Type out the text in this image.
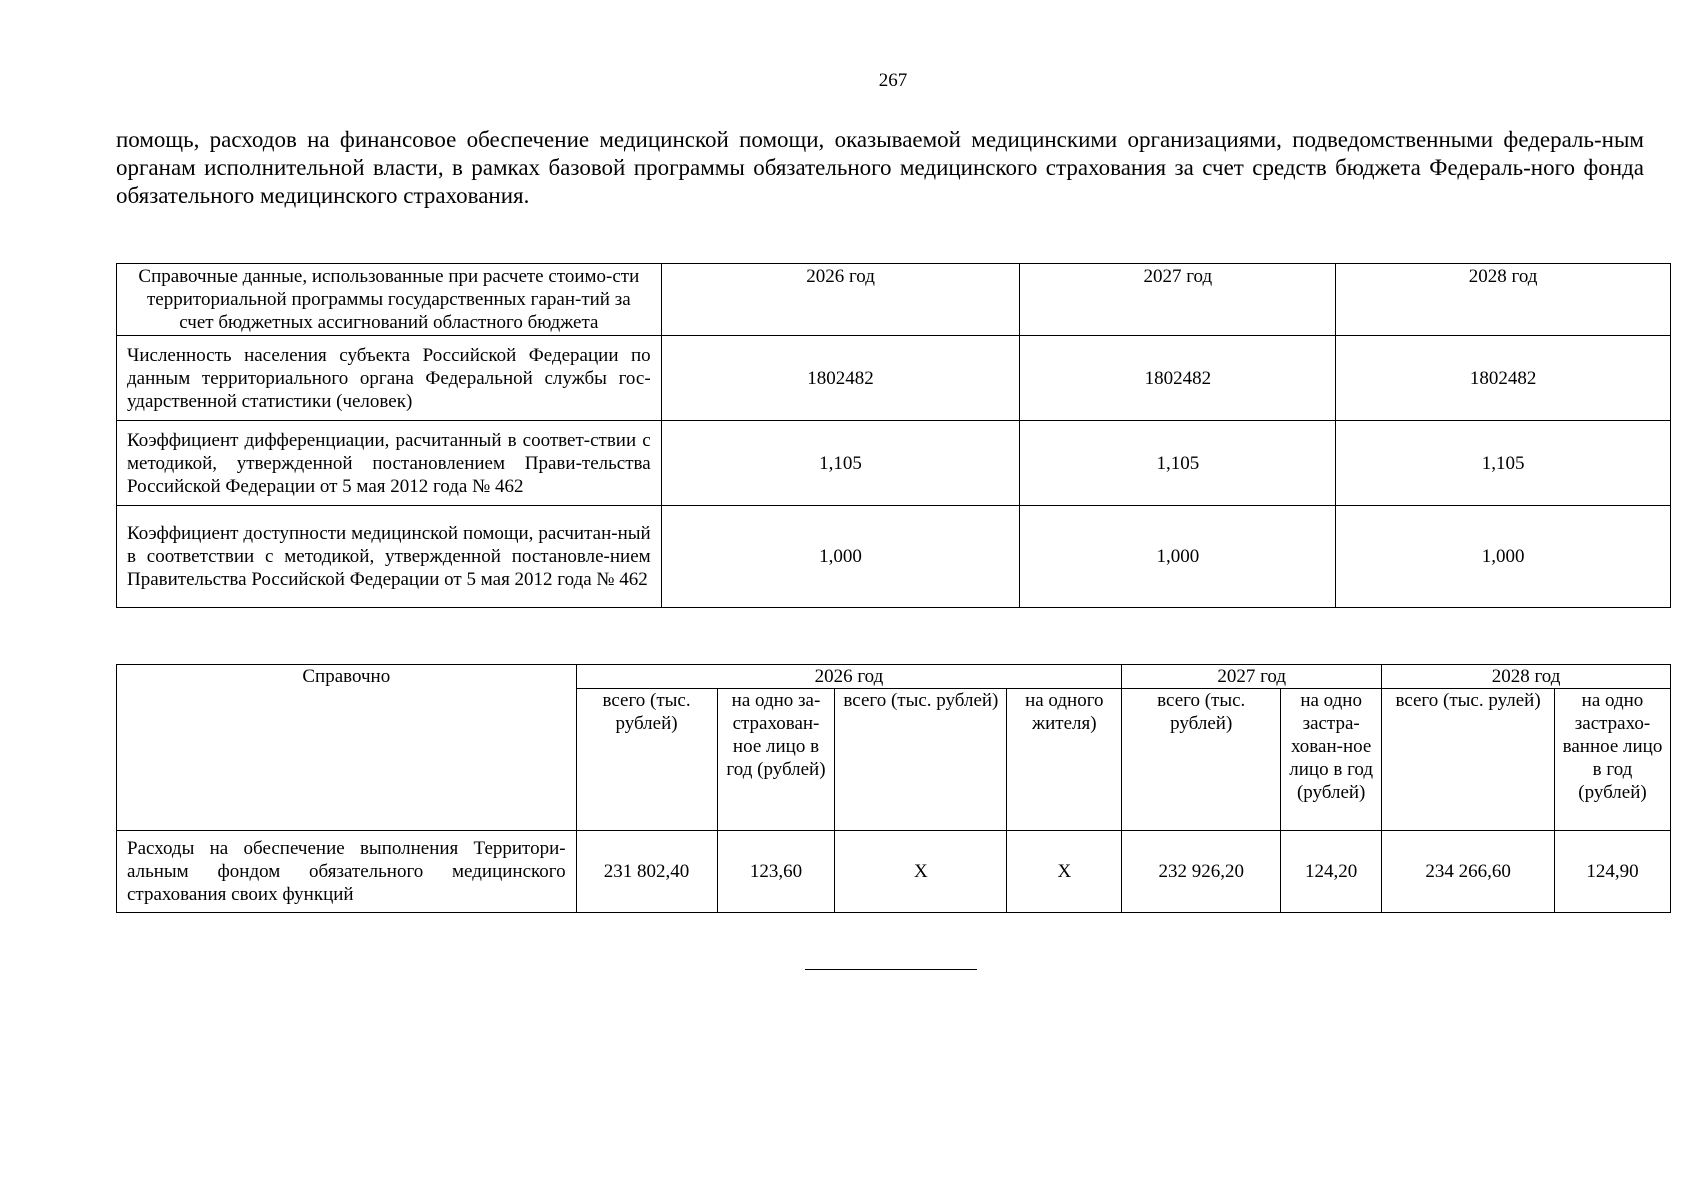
267

помощь, расходов на финансовое обеспечение медицинской помощи, оказываемой медицинскими организациями, подведомственными федераль-ным органам исполнительной власти, в рамках базовой программы обязательного медицинского страхования за счет средств бюджета Федераль-ного фонда обязательного медицинского страхования.

Справочные данные, использованные при расчете стоимо-сти территориальной программы государственных гаран-тий за счет бюджетных ассигнований областного бюджета	2026 год	2027 год	2028 год
Численность населения субъекта Российской Федерации по данным территориального органа Федеральной службы гос-ударственной статистики (человек)	1802482	1802482	1802482
Коэффициент дифференциации, расчитанный в соответ-ствии с методикой, утвержденной постановлением Прави-тельства Российской Федерации от 5 мая 2012 года № 462	1,105	1,105	1,105
Коэффициент доступности медицинской помощи, расчитан-ный в соответствии с методикой, утвержденной постановле-нием Правительства Российской Федерации от 5 мая 2012 года № 462	1,000	1,000	1,000
Справочно	2026 год				2027 год		2028 год	
	всего (тыс. рублей)	на одно за-страхован-ное лицо в год (рублей)	всего (тыс. рублей)	на одного жителя)	всего (тыс. рублей)	на одно застра-хован-ное лицо в год (рублей)	всего (тыс. рулей)	на одно застрахо-ванное лицо в год (рублей)
Расходы на обеспечение выполнения Территори-альным фондом обязательного медицинского страхования своих функций	231 802,40	123,60	Х	Х	232 926,20	124,20	234 266,60	124,90
